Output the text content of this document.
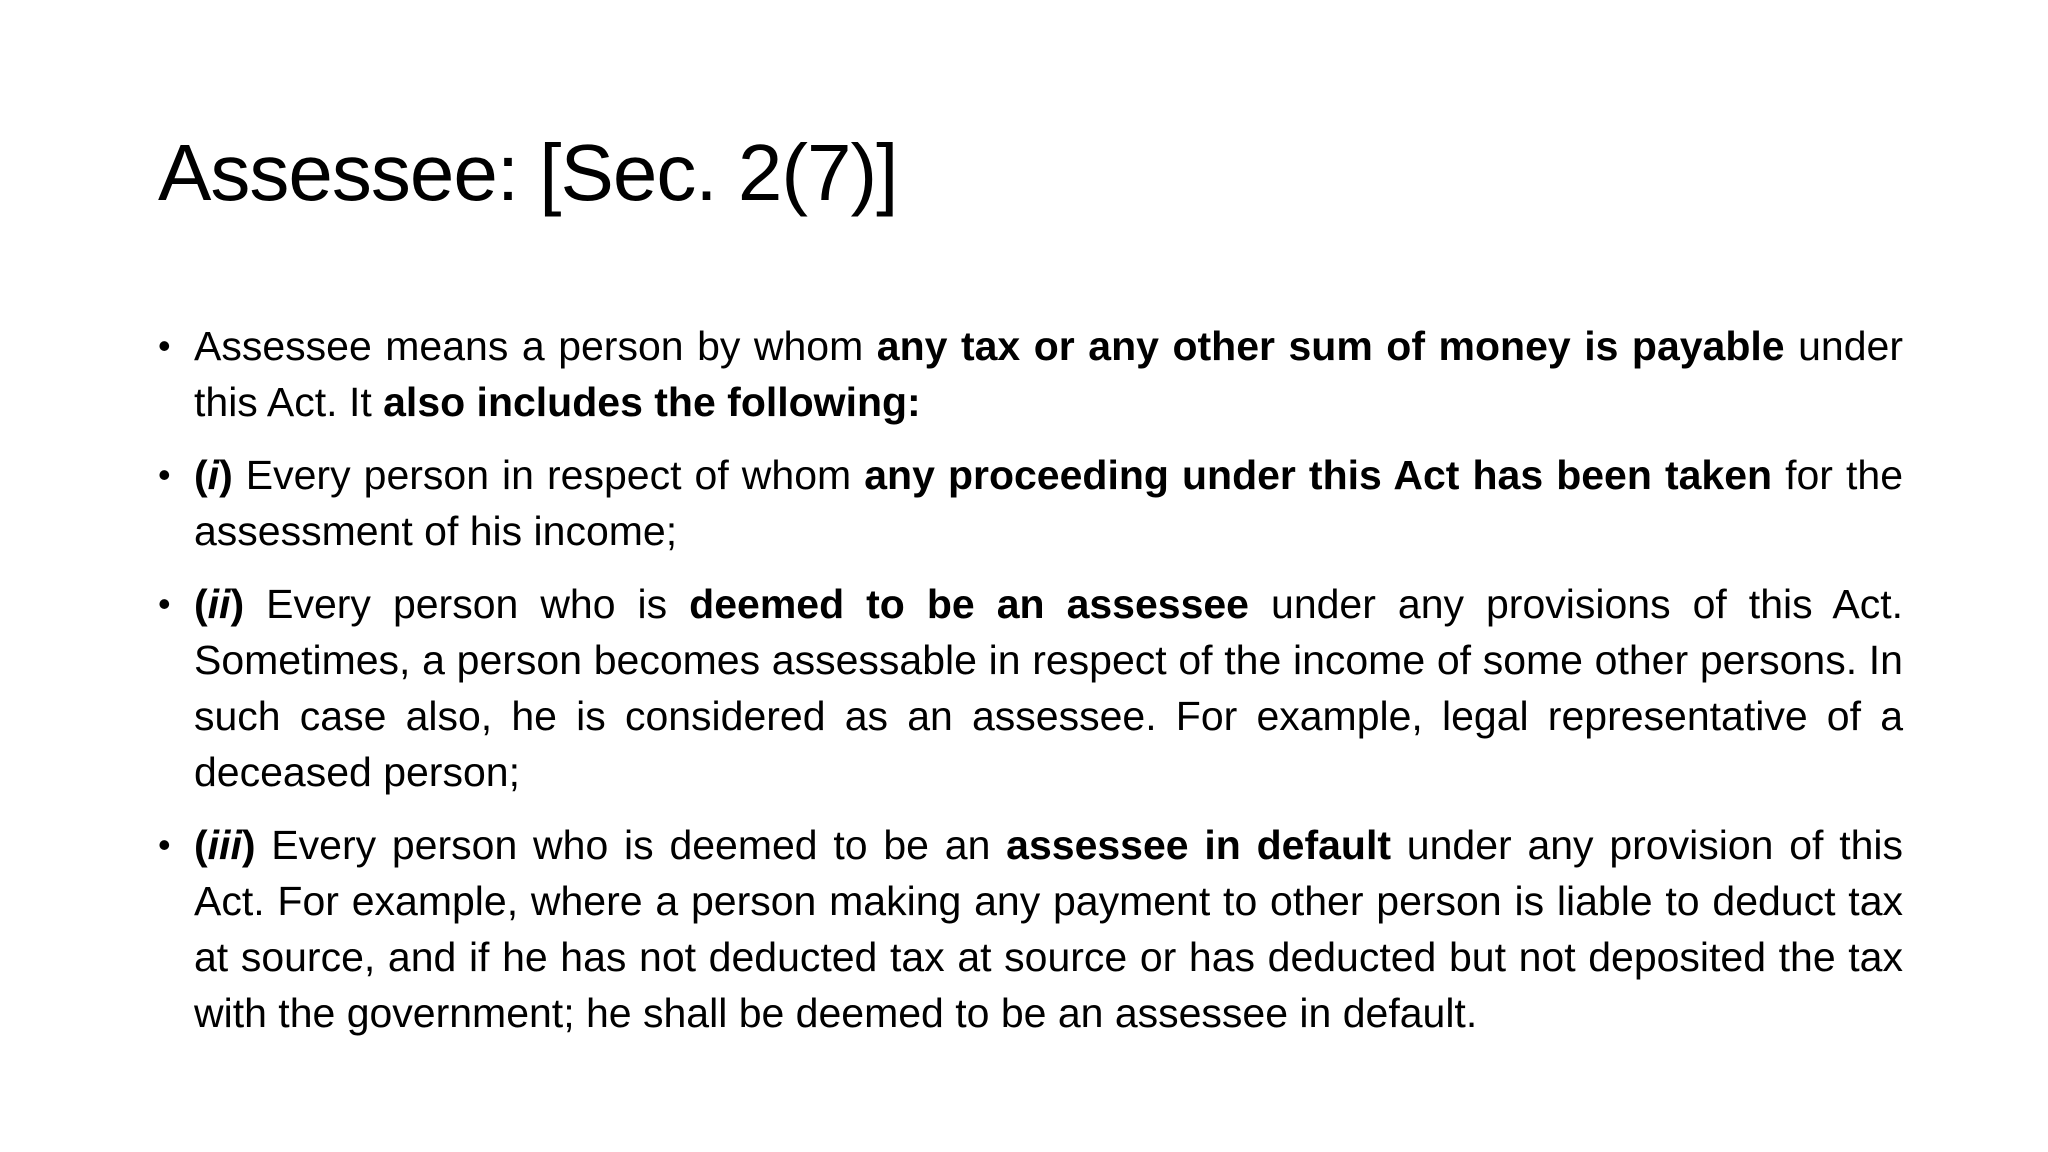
Assessee: [Sec. 2(7)]
• Assessee means a person by whom any tax or any other sum of money is payable under this Act. It also includes the following:
• (i) Every person in respect of whom any proceeding under this Act has been taken for the assessment of his income;
• (ii) Every person who is deemed to be an assessee under any provisions of this Act. Sometimes, a person becomes assessable in respect of the income of some other persons. In such case also, he is considered as an assessee. For example, legal representative of a deceased person;
• (iii) Every person who is deemed to be an assessee in default under any provision of this Act. For example, where a person making any payment to other person is liable to deduct tax at source, and if he has not deducted tax at source or has deducted but not deposited the tax with the government; he shall be deemed to be an assessee in default.
